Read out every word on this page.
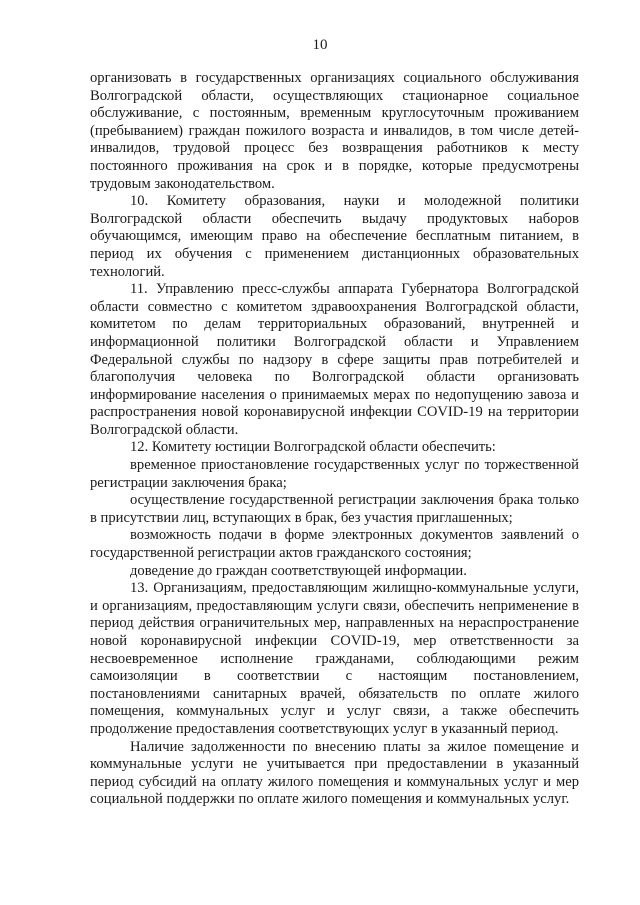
10

организовать в государственных организациях социального обслуживания Волгоградской области, осуществляющих стационарное социальное обслуживание, с постоянным, временным круглосуточным проживанием (пребыванием) граждан пожилого возраста и инвалидов, в том числе детей-инвалидов, трудовой процесс без возвращения работников к месту постоянного проживания на срок и в порядке, которые предусмотрены трудовым законодательством.

10. Комитету образования, науки и молодежной политики Волгоградской области обеспечить выдачу продуктовых наборов обучающимся, имеющим право на обеспечение бесплатным питанием, в период их обучения с применением дистанционных образовательных технологий.

11. Управлению пресс-службы аппарата Губернатора Волгоградской области совместно с комитетом здравоохранения Волгоградской области, комитетом по делам территориальных образований, внутренней и информационной политики Волгоградской области и Управлением Федеральной службы по надзору в сфере защиты прав потребителей и благополучия человека по Волгоградской области организовать информирование населения о принимаемых мерах по недопущению завоза и распространения новой коронавирусной инфекции COVID-19 на территории Волгоградской области.

12. Комитету юстиции Волгоградской области обеспечить:

временное приостановление государственных услуг по торжественной регистрации заключения брака;

осуществление государственной регистрации заключения брака только в присутствии лиц, вступающих в брак, без участия приглашенных;

возможность подачи в форме электронных документов заявлений о государственной регистрации актов гражданского состояния;

доведение до граждан соответствующей информации.

13. Организациям, предоставляющим жилищно-коммунальные услуги, и организациям, предоставляющим услуги связи, обеспечить неприменение в период действия ограничительных мер, направленных на нераспространение новой коронавирусной инфекции COVID-19, мер ответственности за несвоевременное исполнение гражданами, соблюдающими режим самоизоляции в соответствии с настоящим постановлением, постановлениями санитарных врачей, обязательств по оплате жилого помещения, коммунальных услуг и услуг связи, а также обеспечить продолжение предоставления соответствующих услуг в указанный период.

Наличие задолженности по внесению платы за жилое помещение и коммунальные услуги не учитывается при предоставлении в указанный период субсидий на оплату жилого помещения и коммунальных услуг и мер социальной поддержки по оплате жилого помещения и коммунальных услуг.
